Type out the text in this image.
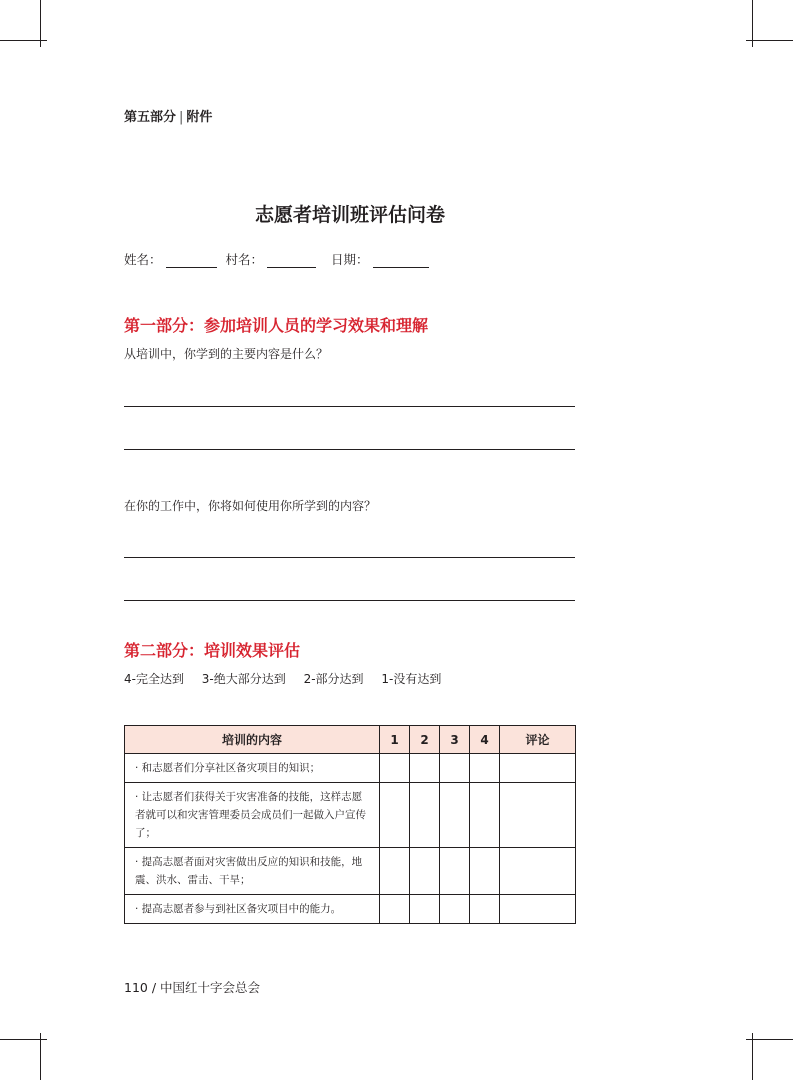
第五部分 | 附件
志愿者培训班评估问卷
姓名：	村名：	日期：
第一部分：参加培训人员的学习效果和理解
从培训中，你学到的主要内容是什么？
在你的工作中，你将如何使用你所学到的内容？
第二部分：培训效果评估
4-完全达到 3-绝大部分达到 2-部分达到 1-没有达到
培训的内容	1	2	3	4	评论
· 和志愿者们分享社区备灾项目的知识；					
· 让志愿者们获得关于灾害准备的技能，这样志愿者就可以和灾害管理委员会成员们一起做入户宣传了；					
· 提高志愿者面对灾害做出反应的知识和技能，地震、洪水、雷击、干旱；					
· 提高志愿者参与到社区备灾项目中的能力。					
110 / 中国红十字会总会
